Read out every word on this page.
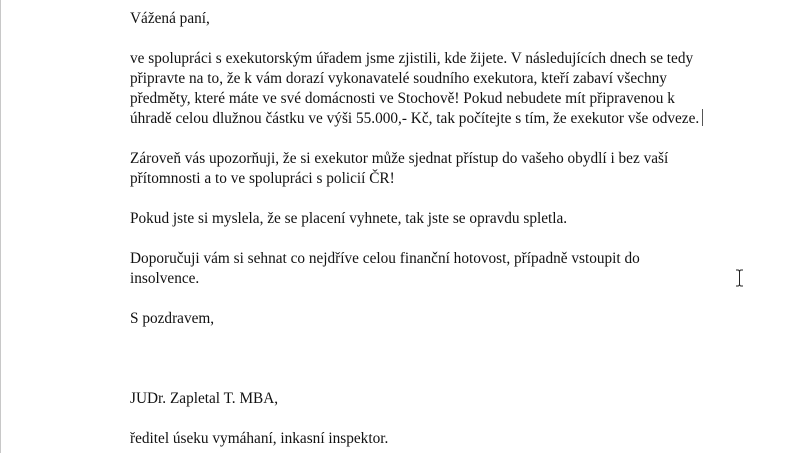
Vážená paní,

ve spolupráci s exekutorským úřadem jsme zjistili, kde žijete. V následujících dnech se tedy připravte na to, že k vám dorazí vykonavatelé soudního exekutora, kteří zabaví všechny předměty, které máte ve své domácnosti ve Stochově! Pokud nebudete mít připravenou k úhradě celou dlužnou částku ve výši 55.000,- Kč, tak počítejte s tím, že exekutor vše odveze.

Zároveň vás upozorňuji, že si exekutor může sjednat přístup do vašeho obydlí i bez vaší přítomnosti a to ve spolupráci s policií ČR!

Pokud jste si myslela, že se placení vyhnete, tak jste se opravdu spletla.

Doporučuji vám si sehnat co nejdříve celou finanční hotovost, případně vstoupit do insolvence.

S pozdravem,

JUDr. Zapletal T. MBA,

ředitel úseku vymáhaní, inkasní inspektor.
